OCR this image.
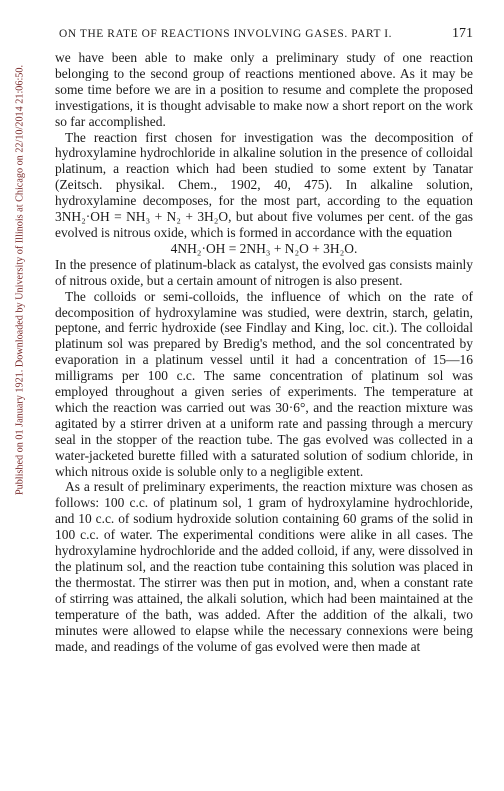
Published on 01 January 1921. Downloaded by University of Illinois at Chicago on 22/10/2014 21:06:50.
ON THE RATE OF REACTIONS INVOLVING GASES. PART I.	171

we have been able to make only a preliminary study of one reaction belonging to the second group of reactions mentioned above. As it may be some time before we are in a position to resume and complete the proposed investigations, it is thought advisable to make now a short report on the work so far accomplished.

The reaction first chosen for investigation was the decomposition of hydroxylamine hydrochloride in alkaline solution in the presence of colloidal platinum, a reaction which had been studied to some extent by Tanatar (Zeitsch. physikal. Chem., 1902, 40, 475). In alkaline solution, hydroxylamine decomposes, for the most part, according to the equation 3NH₂·OH = NH₃ + N₂ + 3H₂O, but about five volumes per cent. of the gas evolved is nitrous oxide, which is formed in accordance with the equation

4NH₂·OH = 2NH₃ + N₂O + 3H₂O.

In the presence of platinum-black as catalyst, the evolved gas consists mainly of nitrous oxide, but a certain amount of nitrogen is also present.

The colloids or semi-colloids, the influence of which on the rate of decomposition of hydroxylamine was studied, were dextrin, starch, gelatin, peptone, and ferric hydroxide (see Findlay and King, loc. cit.). The colloidal platinum sol was prepared by Bredig's method, and the sol concentrated by evaporation in a platinum vessel until it had a concentration of 15—16 milligrams per 100 c.c. The same concentration of platinum sol was employed throughout a given series of experiments. The temperature at which the reaction was carried out was 30·6°, and the reaction mixture was agitated by a stirrer driven at a uniform rate and passing through a mercury seal in the stopper of the reaction tube. The gas evolved was collected in a water-jacketed burette filled with a saturated solution of sodium chloride, in which nitrous oxide is soluble only to a negligible extent.

As a result of preliminary experiments, the reaction mixture was chosen as follows: 100 c.c. of platinum sol, 1 gram of hydroxylamine hydrochloride, and 10 c.c. of sodium hydroxide solution containing 60 grams of the solid in 100 c.c. of water. The experimental conditions were alike in all cases. The hydroxylamine hydrochloride and the added colloid, if any, were dissolved in the platinum sol, and the reaction tube containing this solution was placed in the thermostat. The stirrer was then put in motion, and, when a constant rate of stirring was attained, the alkali solution, which had been maintained at the temperature of the bath, was added. After the addition of the alkali, two minutes were allowed to elapse while the necessary connexions were being made, and readings of the volume of gas evolved were then made at
